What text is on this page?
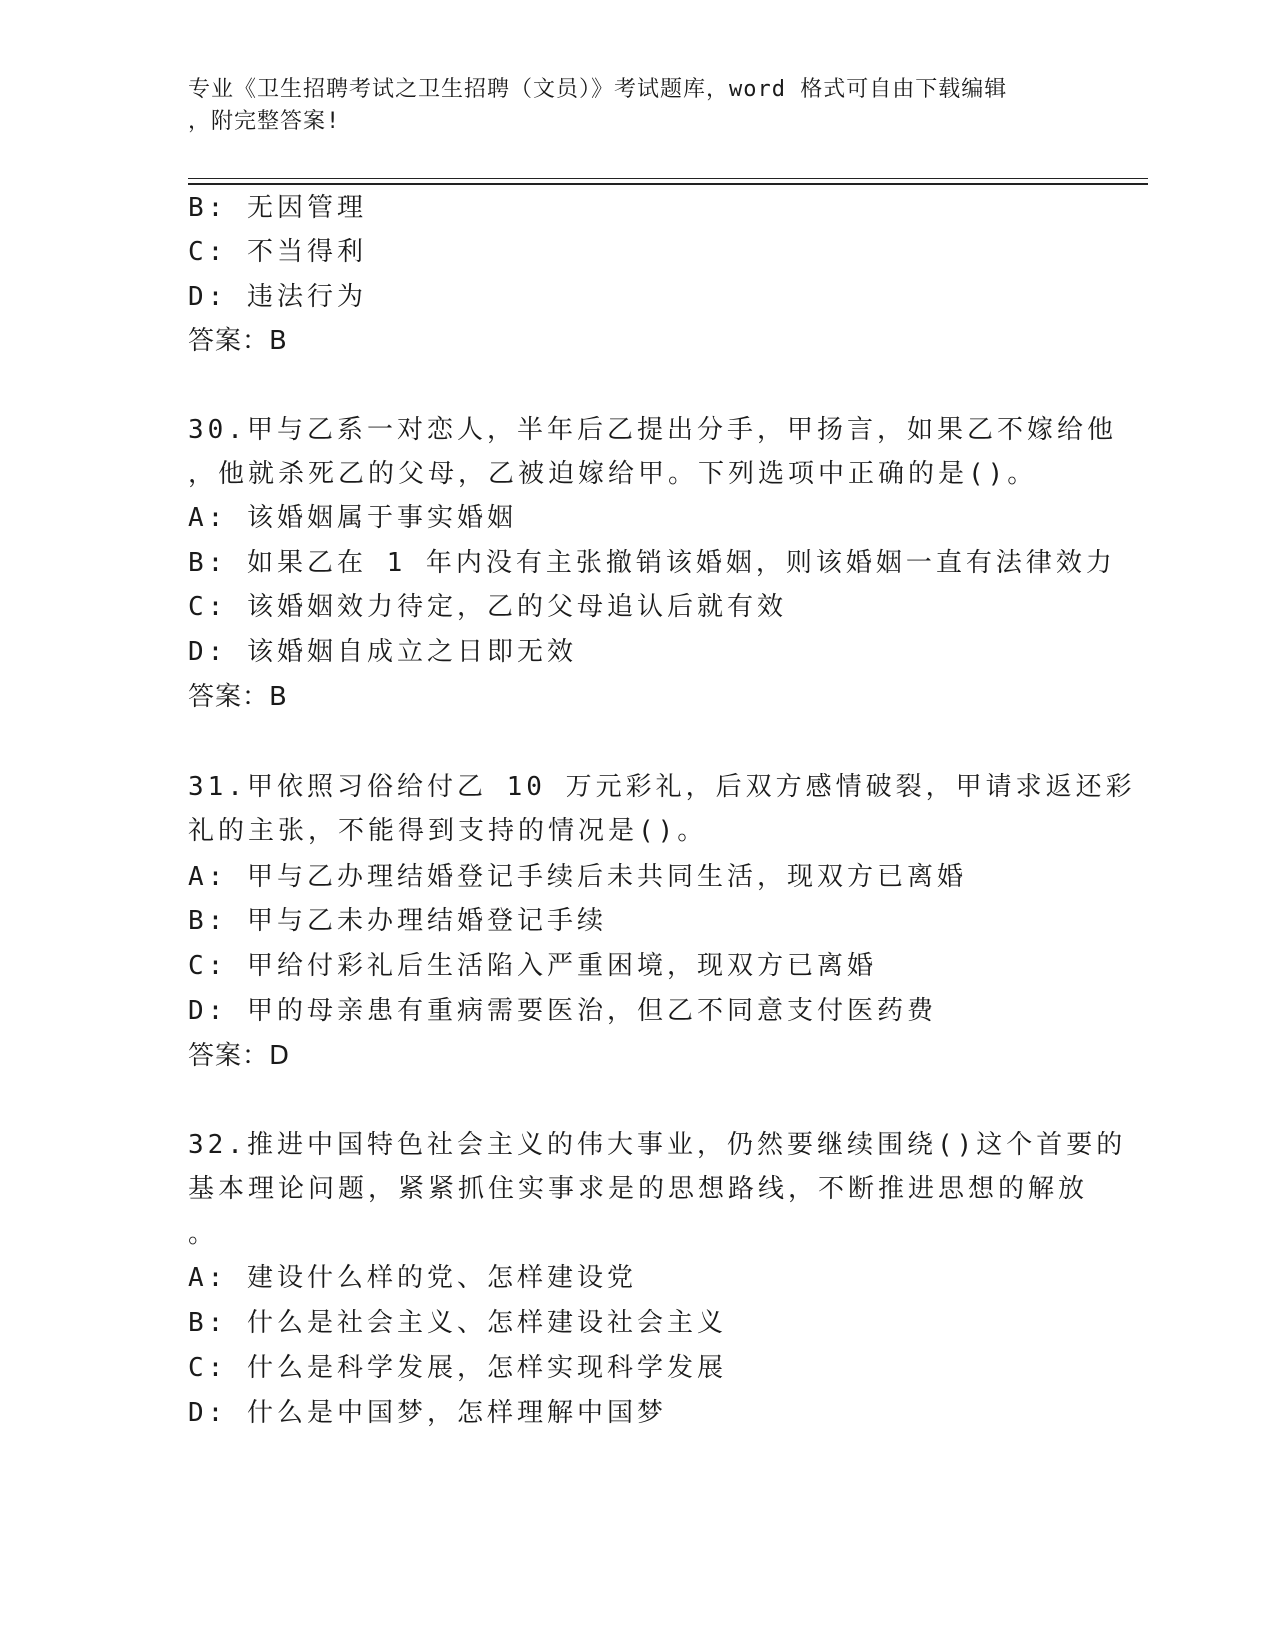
专业《卫生招聘考试之卫生招聘（文员）》考试题库，word 格式可自由下载编辑
，附完整答案!
B: 无因管理
C: 不当得利
D: 违法行为
答案：B
30.甲与乙系一对恋人，半年后乙提出分手，甲扬言，如果乙不嫁给他
，他就杀死乙的父母，乙被迫嫁给甲。下列选项中正确的是()。
A: 该婚姻属于事实婚姻
B: 如果乙在 1 年内没有主张撤销该婚姻，则该婚姻一直有法律效力
C: 该婚姻效力待定，乙的父母追认后就有效
D: 该婚姻自成立之日即无效
答案：B
31.甲依照习俗给付乙 10 万元彩礼，后双方感情破裂，甲请求返还彩
礼的主张，不能得到支持的情况是()。
A: 甲与乙办理结婚登记手续后未共同生活，现双方已离婚
B: 甲与乙未办理结婚登记手续
C: 甲给付彩礼后生活陷入严重困境，现双方已离婚
D: 甲的母亲患有重病需要医治，但乙不同意支付医药费
答案：D
32.推进中国特色社会主义的伟大事业，仍然要继续围绕()这个首要的
基本理论问题，紧紧抓住实事求是的思想路线，不断推进思想的解放
。
A: 建设什么样的党、怎样建设党
B: 什么是社会主义、怎样建设社会主义
C: 什么是科学发展，怎样实现科学发展
D: 什么是中国梦，怎样理解中国梦
